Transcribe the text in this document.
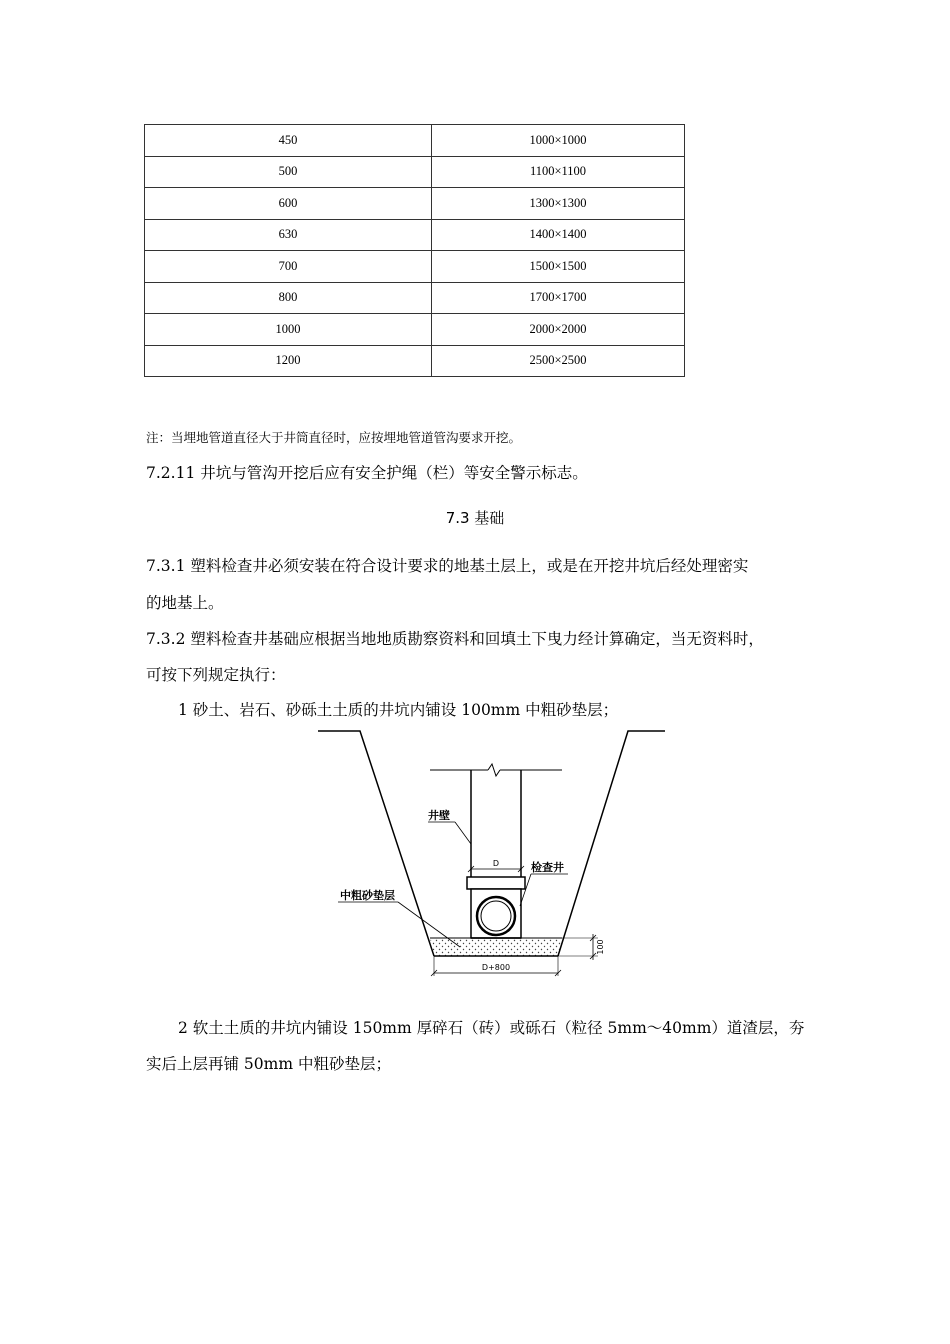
450	1000×1000
500	1100×1100
600	1300×1300
630	1400×1400
700	1500×1500
800	1700×1700
1000	2000×2000
1200	2500×2500
注：当埋地管道直径大于井筒直径时，应按埋地管道管沟要求开挖。
7.2.11 井坑与管沟开挖后应有安全护绳（栏）等安全警示标志。
7.3 基础
7.3.1 塑料检查井必须安装在符合设计要求的地基土层上，或是在开挖井坑后经处理密实
的地基上。
7.3.2 塑料检查井基础应根据当地地质勘察资料和回填土下曳力经计算确定，当无资料时，
可按下列规定执行：
1 砂土、岩石、砂砾土土质的井坑内铺设 100mm 中粗砂垫层；
D
100
D+800
井壁
检查井
中粗砂垫层
2 软土土质的井坑内铺设 150mm 厚碎石（砖）或砾石（粒径 5mm～40mm）道渣层，夯
实后上层再铺 50mm 中粗砂垫层；
